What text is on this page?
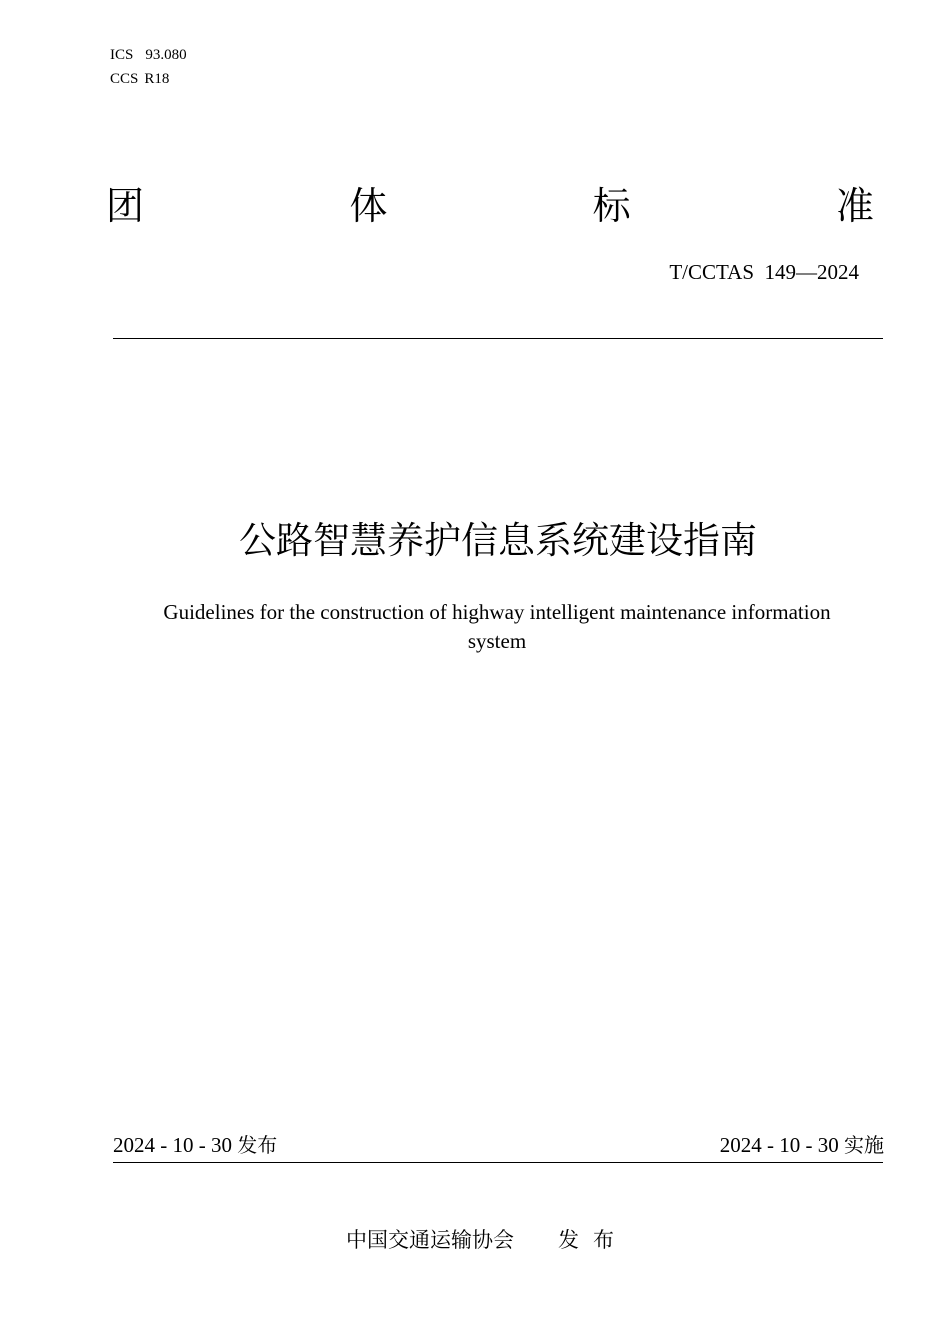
ICS 93.080
CCS R18
团	体	标	准
T/CCTAS  149—2024
公路智慧养护信息系统建设指南
Guidelines for the construction of highway intelligent maintenance information
system
2024 - 10 - 30 发布	2024 - 10 - 30 实施
中国交通运输协会 发布
